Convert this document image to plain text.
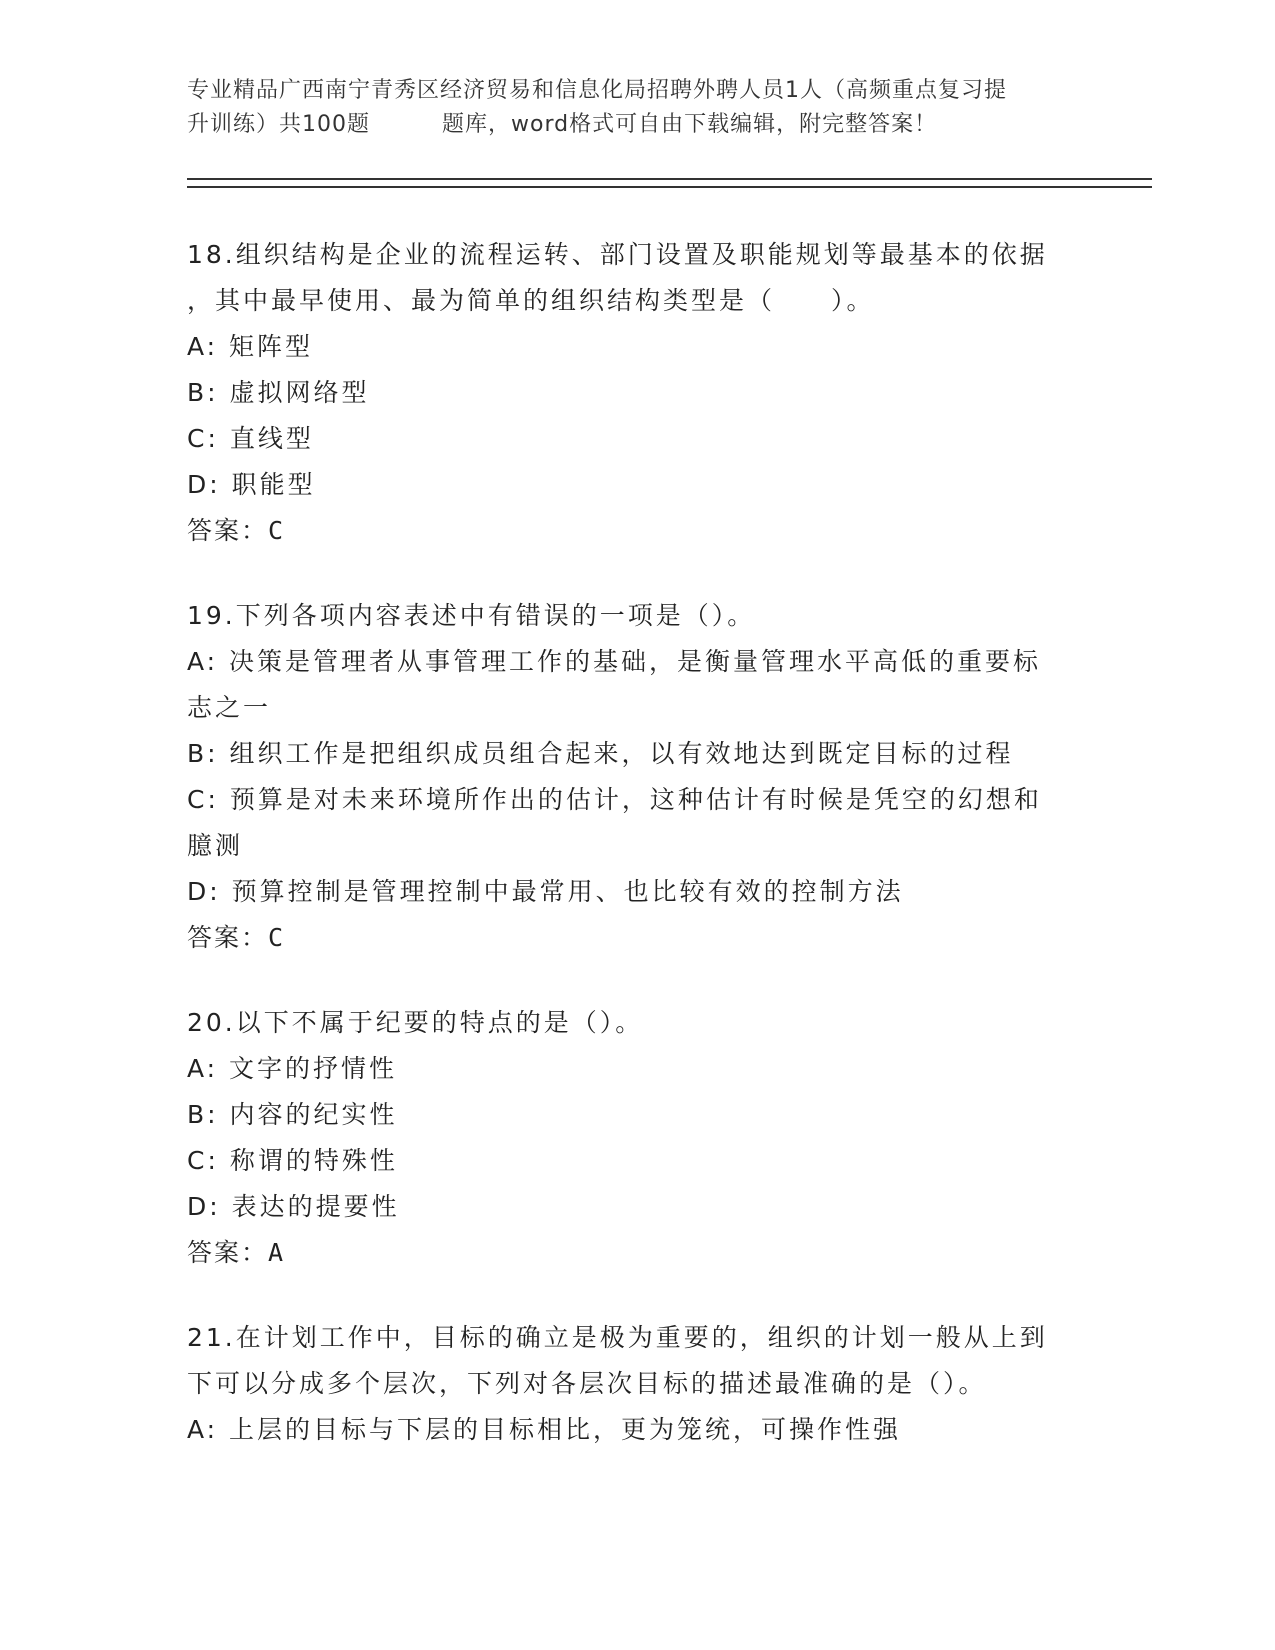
专业精品广西南宁青秀区经济贸易和信息化局招聘外聘人员1人（高频重点复习提
升训练）共100题	题库，word格式可自由下载编辑，附完整答案！
18.组织结构是企业的流程运转、部门设置及职能规划等最基本的依据
，其中最早使用、最为简单的组织结构类型是（　　）。
A: 矩阵型
B: 虚拟网络型
C: 直线型
D: 职能型
答案：C
19.下列各项内容表述中有错误的一项是（）。
A: 决策是管理者从事管理工作的基础，是衡量管理水平高低的重要标
志之一
B: 组织工作是把组织成员组合起来，以有效地达到既定目标的过程
C: 预算是对未来环境所作出的估计，这种估计有时候是凭空的幻想和
臆测
D: 预算控制是管理控制中最常用、也比较有效的控制方法
答案：C
20.以下不属于纪要的特点的是（）。
A: 文字的抒情性
B: 内容的纪实性
C: 称谓的特殊性
D: 表达的提要性
答案：A
21.在计划工作中，目标的确立是极为重要的，组织的计划一般从上到
下可以分成多个层次，下列对各层次目标的描述最准确的是（）。
A: 上层的目标与下层的目标相比，更为笼统，可操作性强
